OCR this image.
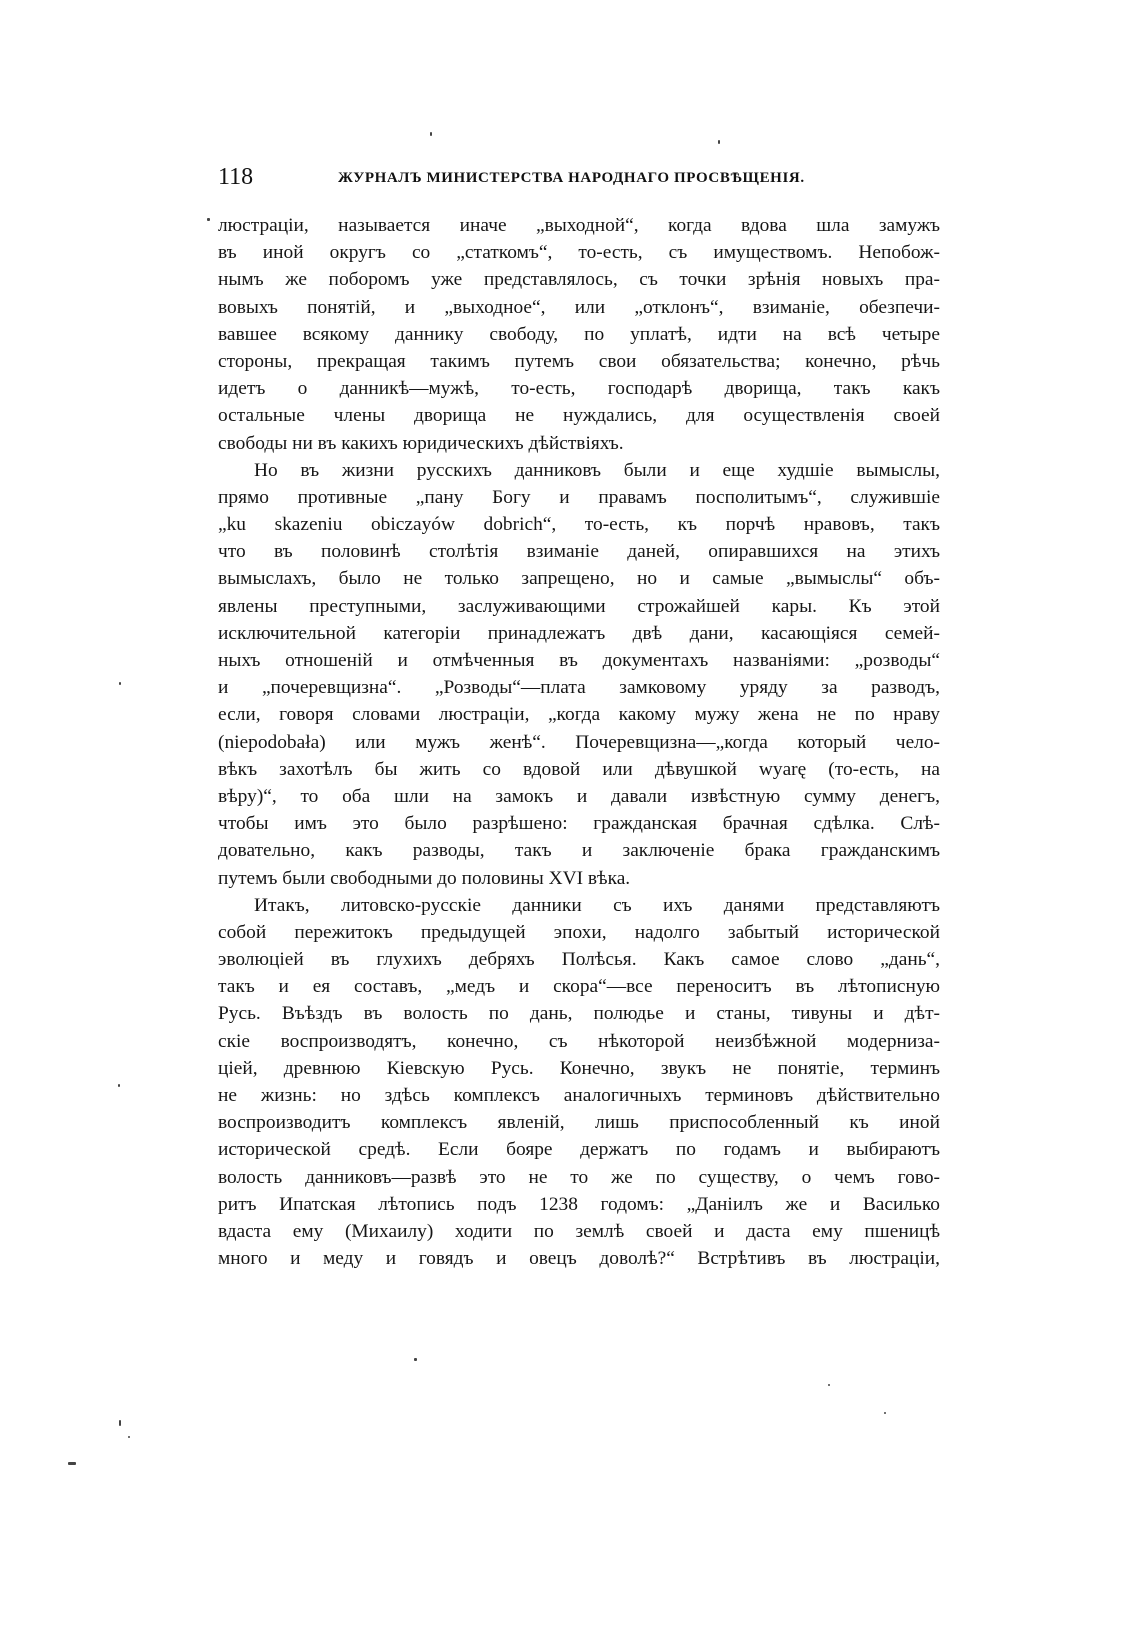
118	ЖУРНАЛЪ МИНИСТЕРСТВА НАРОДНАГО ПРОСВѢЩЕНІЯ.
люстраціи, называется иначе „выходной“, когда вдова шла замужъ
въ иной округъ со „статкомъ“, то-есть, съ имуществомъ. Непобож-
нымъ же поборомъ уже представлялось, съ точки зрѣнія новыхъ пра-
вовыхъ понятій, и „выходное“, или „отклонъ“, взиманіе, обезпечи-
вавшее всякому даннику свободу, по уплатѣ, идти на всѣ четыре
стороны, прекращая такимъ путемъ свои обязательства; конечно, рѣчь
идетъ о данникѣ—мужѣ, то-есть, господарѣ дворища, такъ какъ
остальные члены дворища не нуждались, для осуществленія своей
свободы ни въ какихъ юридическихъ дѣйствіяхъ.
Но въ жизни русскихъ данниковъ были и еще худшіе вымыслы,
прямо противные „пану Богу и правамъ посполитымъ“, служившіе
„ku skazeniu obiczayów dobrich“, то-есть, къ порчѣ нравовъ, такъ
что въ половинѣ столѣтія взиманіе даней, опиравшихся на этихъ
вымыслахъ, было не только запрещено, но и самые „вымыслы“ объ-
явлены преступными, заслуживающими строжайшей кары. Къ этой
исключительной категоріи принадлежатъ двѣ дани, касающіяся семей-
ныхъ отношеній и отмѣченныя въ документахъ названіями: „розводы“
и „почеревщизна“. „Розводы“—плата замковому уряду за разводъ,
если, говоря словами люстраціи, „когда какому мужу жена не по нраву
(niepodobała) или мужъ женѣ“. Почеревщизна—„когда который чело-
вѣкъ захотѣлъ бы жить со вдовой или дѣвушкой wyarę (то-есть, на
вѣру)“, то оба шли на замокъ и давали извѣстную сумму денегъ,
чтобы имъ это было разрѣшено: гражданская брачная сдѣлка. Слѣ-
довательно, какъ разводы, такъ и заключеніе брака гражданскимъ
путемъ были свободными до половины XVI вѣка.
Итакъ, литовско-русскіе данники съ ихъ данями представляютъ
собой пережитокъ предыдущей эпохи, надолго забытый исторической
эволюціей въ глухихъ дебряхъ Полѣсья. Какъ самое слово „дань“,
такъ и ея составъ, „медъ и скора“—все переноситъ въ лѣтописную
Русь. Въѣздъ въ волость по дань, полюдье и станы, тивуны и дѣт-
скіе воспроизводятъ, конечно, съ нѣкоторой неизбѣжной модерниза-
ціей, древнюю Кіевскую Русь. Конечно, звукъ не понятіе, терминъ
не жизнь: но здѣсь комплексъ аналогичныхъ терминовъ дѣйствительно
воспроизводитъ комплексъ явленій, лишь приспособленный къ иной
исторической средѣ. Если бояре держатъ по годамъ и выбираютъ
волость данниковъ—развѣ это не то же по существу, о чемъ гово-
ритъ Ипатская лѣтопись подъ 1238 годомъ: „Даніилъ же и Василько
вдаста ему (Михаилу) ходити по землѣ своей и даста ему пшеницѣ
много и меду и говядъ и овецъ доволѣ?“ Встрѣтивъ въ люстраціи,
